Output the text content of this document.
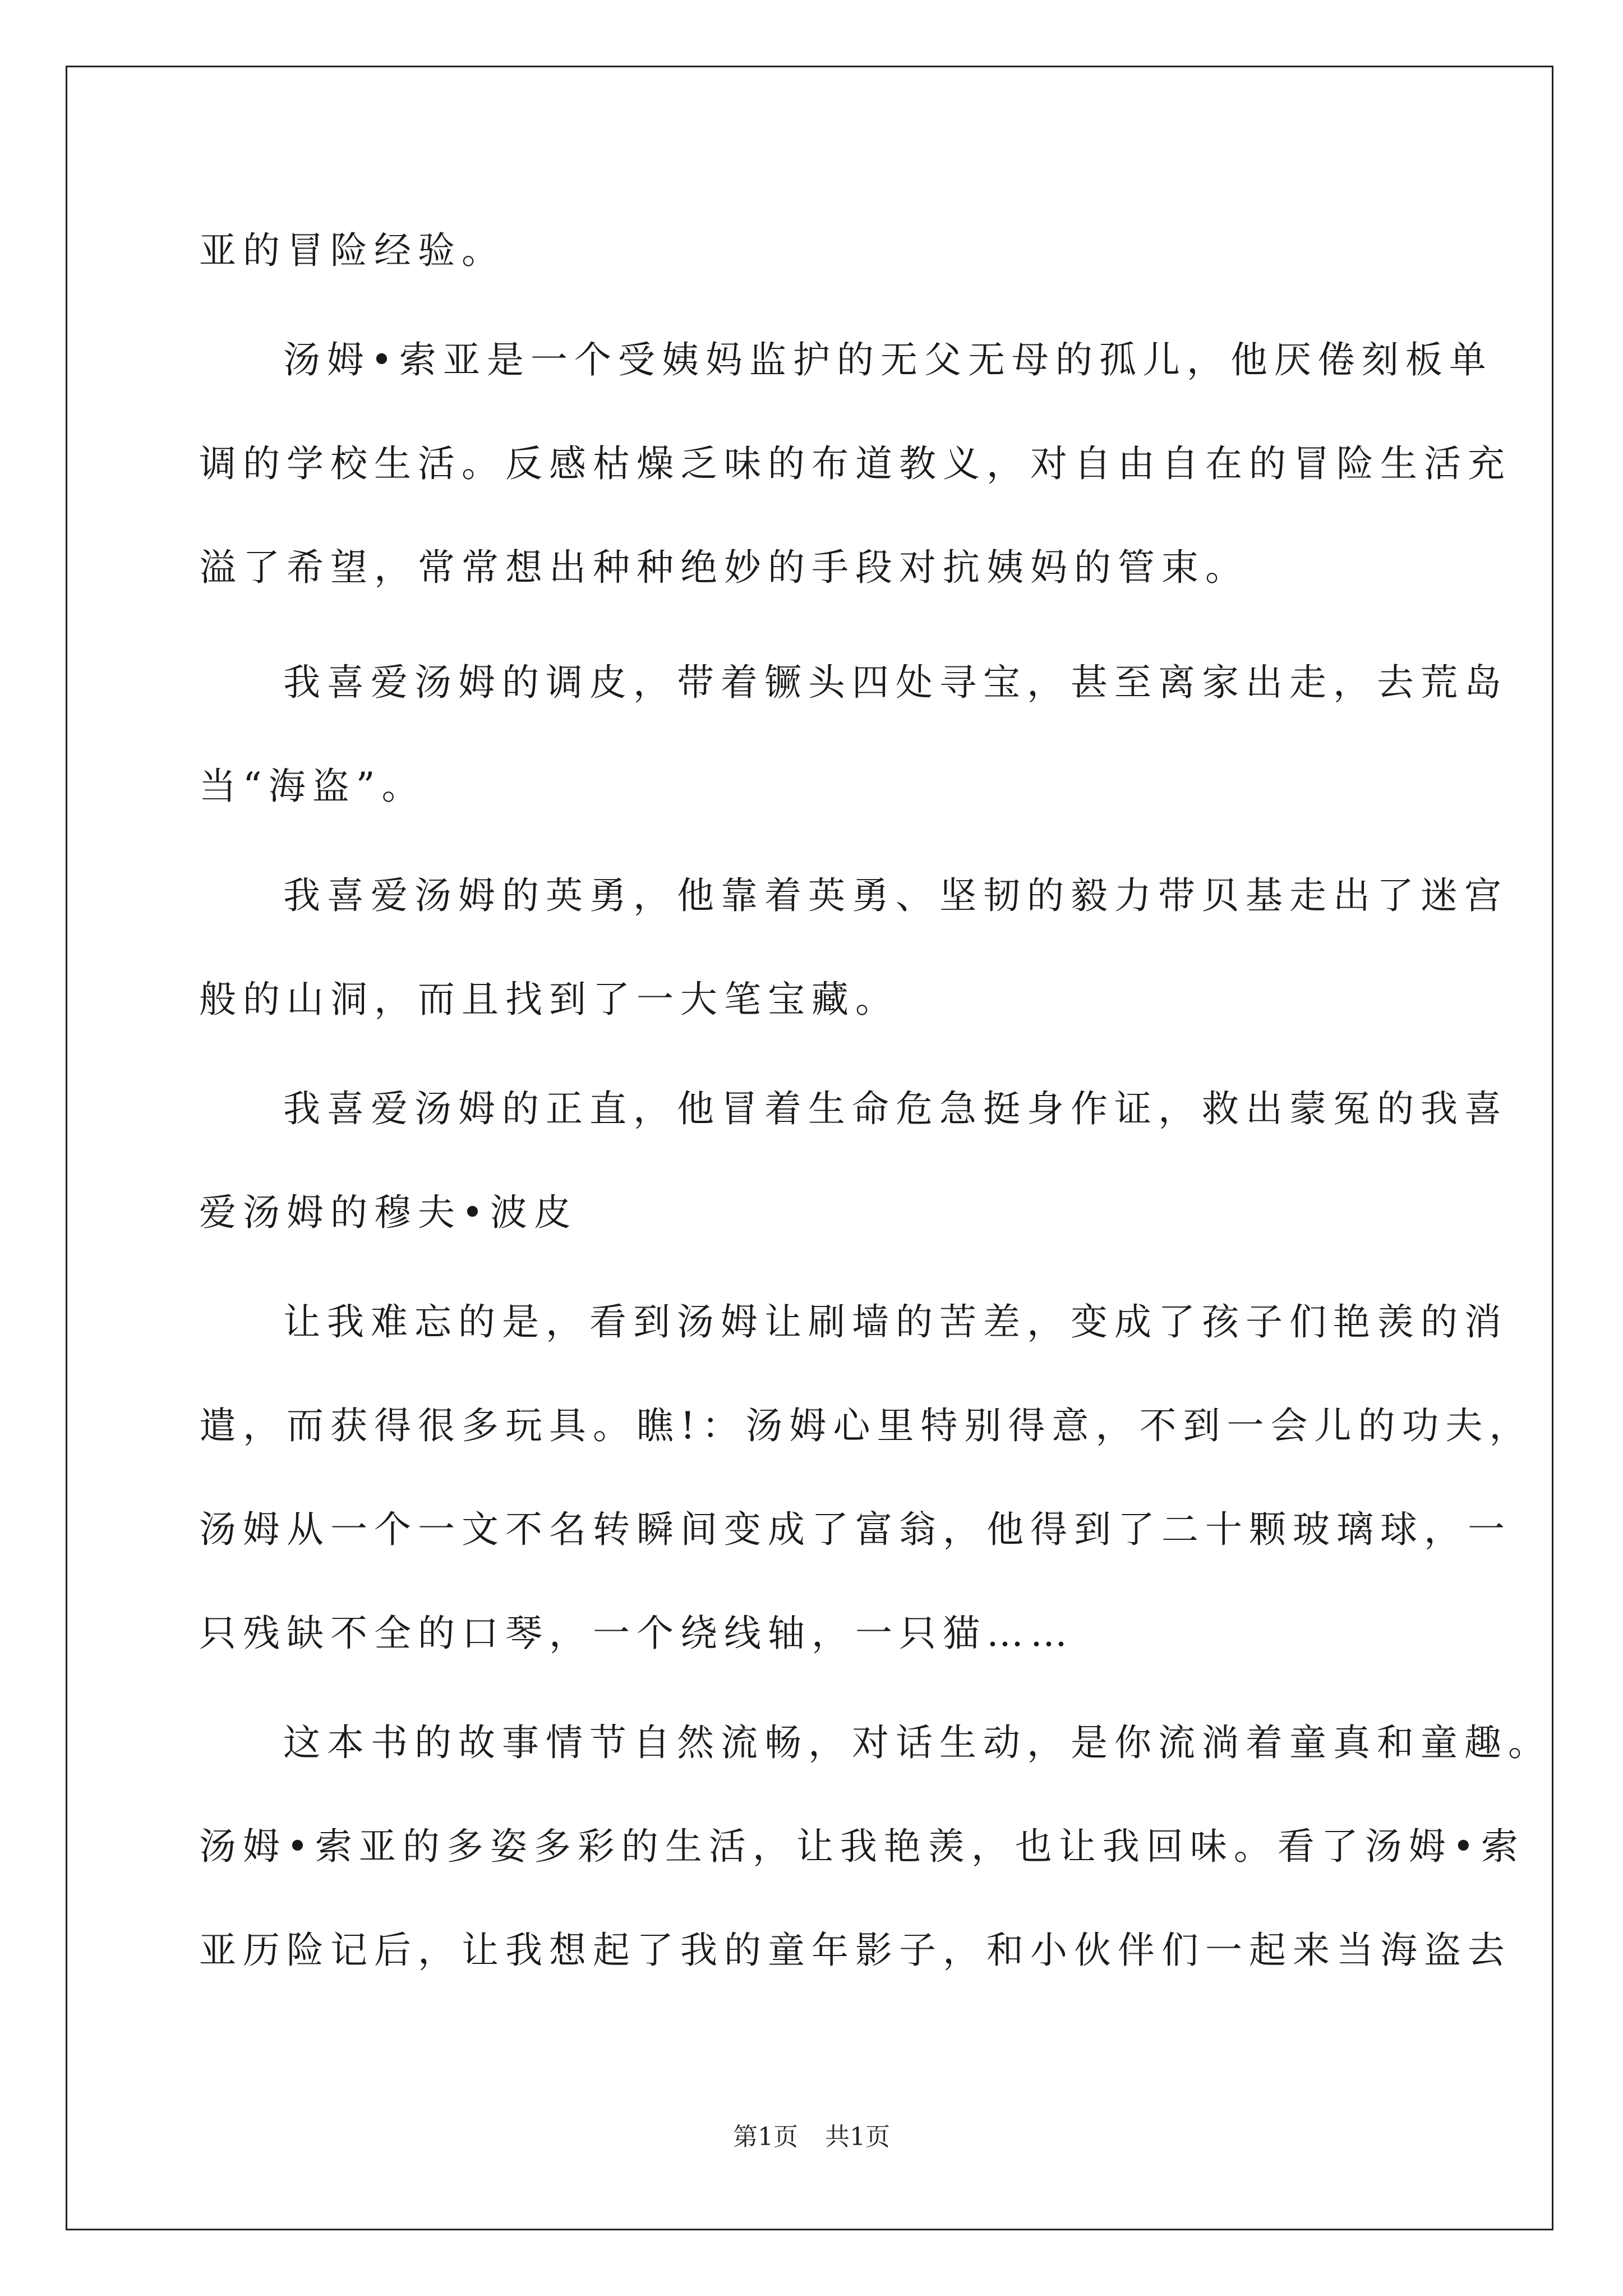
亚的冒险经验。
汤姆•索亚是一个受姨妈监护的无父无母的孤儿，他厌倦刻板单
调的学校生活。反感枯燥乏味的布道教义，对自由自在的冒险生活充
溢了希望，常常想出种种绝妙的手段对抗姨妈的管束。
我喜爱汤姆的调皮，带着镢头四处寻宝，甚至离家出走，去荒岛
当“海盗”。
我喜爱汤姆的英勇，他靠着英勇、坚韧的毅力带贝基走出了迷宫
般的山洞，而且找到了一大笔宝藏。
我喜爱汤姆的正直，他冒着生命危急挺身作证，救出蒙冤的我喜
爱汤姆的穆夫•波皮
让我难忘的是，看到汤姆让刷墙的苦差，变成了孩子们艳羡的消
遣，而获得很多玩具。瞧!：汤姆心里特别得意，不到一会儿的功夫，
汤姆从一个一文不名转瞬间变成了富翁，他得到了二十颗玻璃球，一
只残缺不全的口琴，一个绕线轴，一只猫……
这本书的故事情节自然流畅，对话生动，是你流淌着童真和童趣。
汤姆•索亚的多姿多彩的生活，让我艳羡，也让我回味。看了汤姆•索
亚历险记后，让我想起了我的童年影子，和小伙伴们一起来当海盗去
第1页 共1页
